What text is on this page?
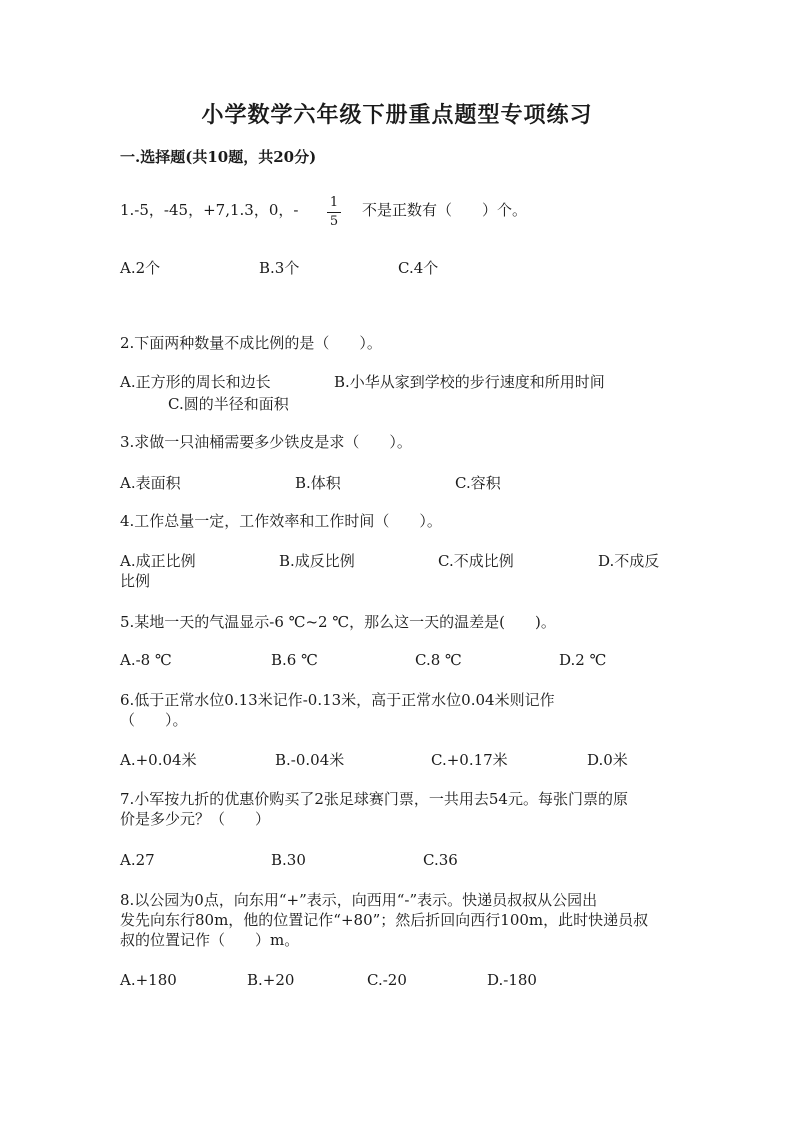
小学数学六年级下册重点题型专项练习
一.选择题(共10题，共20分)
1.-5，-45，+7,1.3，0，- 1
5
不是正数有（　　）个。
A.2个	B.3个	C.4个
2.下面两种数量不成比例的是（　　）。
A.正方形的周长和边长	B.小华从家到学校的步行速度和所用时间
C.圆的半径和面积
3.求做一只油桶需要多少铁皮是求（　　）。
A.表面积	B.体积	C.容积
4.工作总量一定，工作效率和工作时间（　　）。
A.成正比例	B.成反比例	C.不成比例	D.不成反
比例
5.某地一天的气温显示-6 ℃~2 ℃，那么这一天的温差是(　　)。
A.-8 ℃	B.6 ℃	C.8 ℃	D.2 ℃
6.低于正常水位0.13米记作-0.13米，高于正常水位0.04米则记作
（　　）。
A.+0.04米	B.-0.04米	C.+0.17米	D.0米
7.小军按九折的优惠价购买了2张足球赛门票，一共用去54元。每张门票的原
价是多少元？（　　）
A.27	B.30	C.36
8.以公园为0点，向东用“+”表示，向西用“-”表示。快递员叔叔从公园出
发先向东行80m，他的位置记作“+80”；然后折回向西行100m，此时快递员叔
叔的位置记作（　　）m。
A.+180	B.+20	C.-20	D.-180
